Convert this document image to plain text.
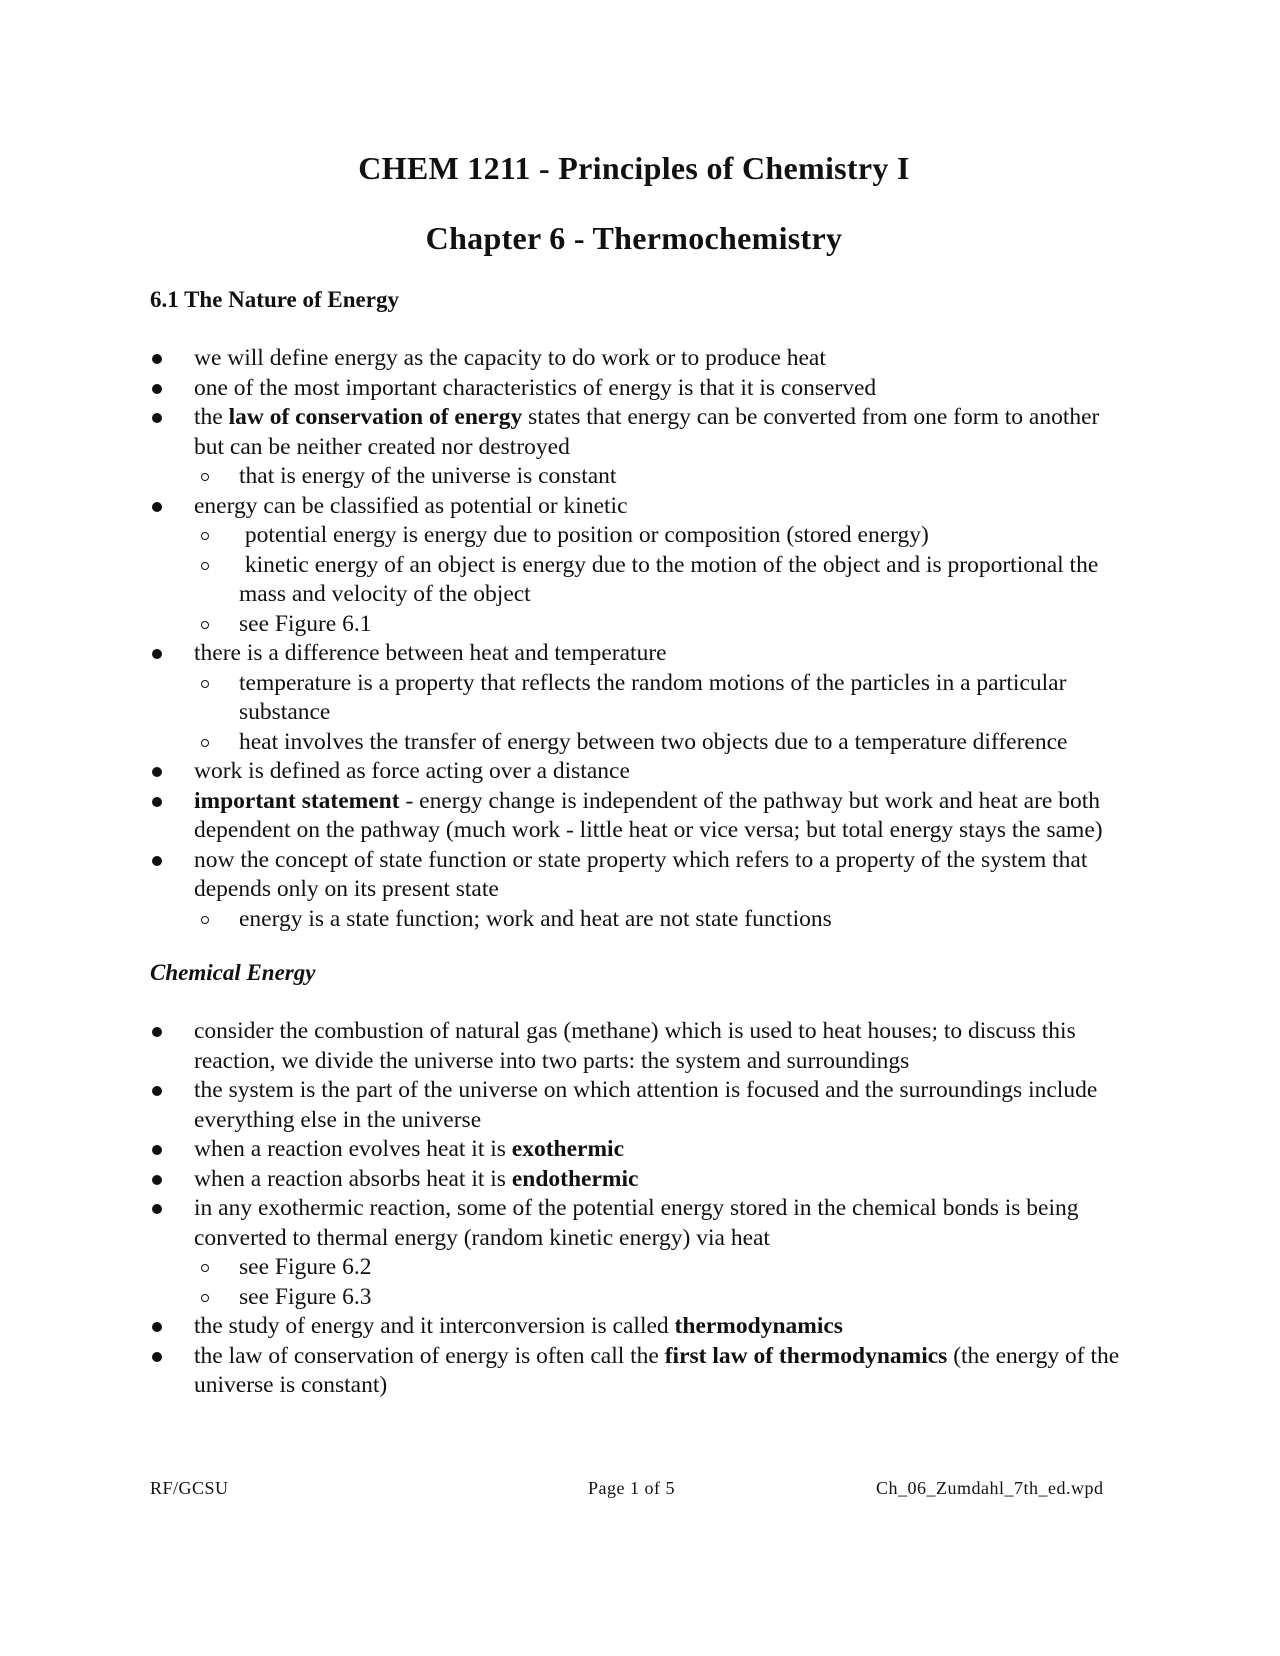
CHEM 1211 - Principles of Chemistry I
Chapter 6 - Thermochemistry
6.1 The Nature of Energy
we will define energy as the capacity to do work or to produce heat
one of the most important characteristics of energy is that it is conserved
the law of conservation of energy states that energy can be converted from one form to another but can be neither created nor destroyed
that is energy of the universe is constant
energy can be classified as potential or kinetic
potential energy is energy due to position or composition (stored energy)
kinetic energy of an object is energy due to the motion of the object and is proportional the mass and velocity of the object
see Figure 6.1
there is a difference between heat and temperature
temperature is a property that reflects the random motions of the particles in a particular substance
heat involves the transfer of energy between two objects due to a temperature difference
work is defined as force acting over a distance
important statement - energy change is independent of the pathway but work and heat are both dependent on the pathway (much work - little heat or vice versa; but total energy stays the same)
now the concept of state function or state property which refers to a property of the system that depends only on its present state
energy is a state function; work and heat are not state functions
Chemical Energy
consider the combustion of natural gas (methane) which is used to heat houses; to discuss this reaction, we divide the universe into two parts: the system and surroundings
the system is the part of the universe on which attention is focused and the surroundings include everything else in the universe
when a reaction evolves heat it is exothermic
when a reaction absorbs heat it is endothermic
in any exothermic reaction, some of the potential energy stored in the chemical bonds is being converted to thermal energy (random kinetic energy) via heat
see Figure 6.2
see Figure 6.3
the study of energy and it interconversion is called thermodynamics
the law of conservation of energy is often call the first law of thermodynamics (the energy of the universe is constant)
RF/GCSU	Page 1 of 5	Ch_06_Zumdahl_7th_ed.wpd
